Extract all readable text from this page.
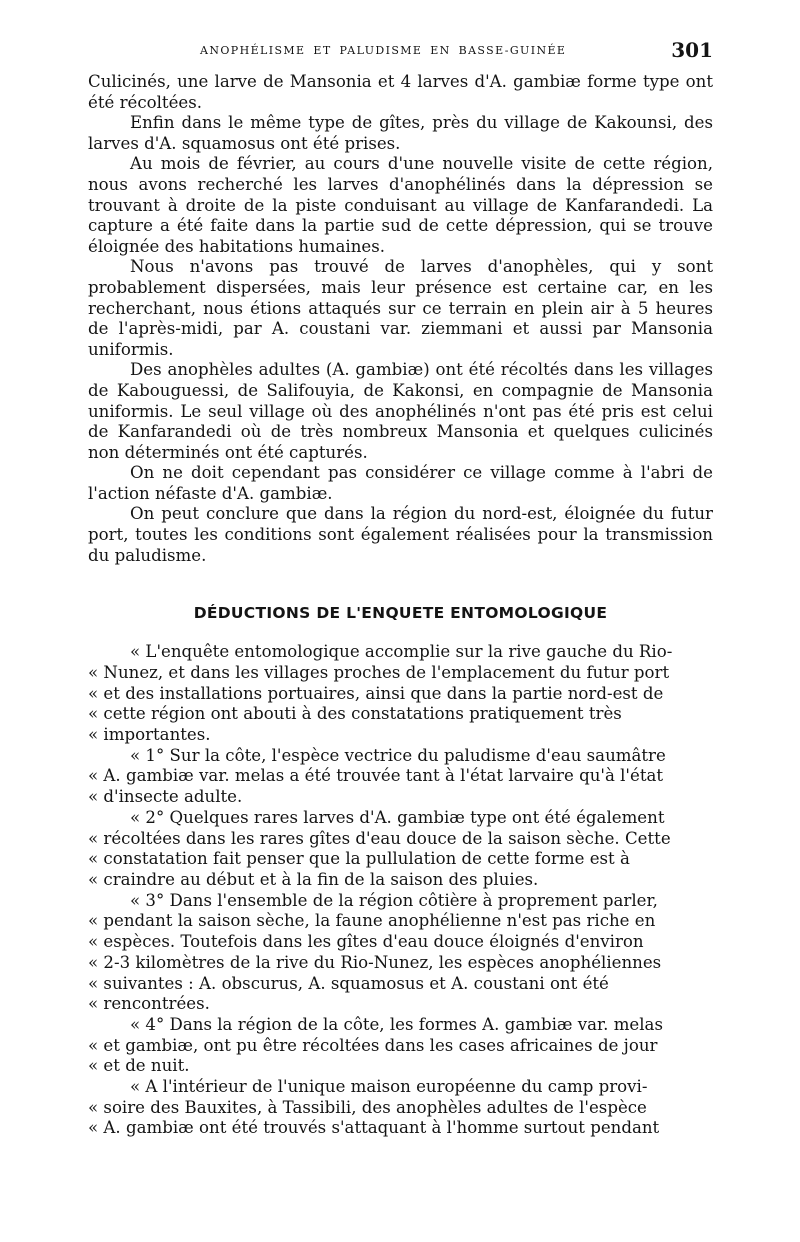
ANOPHÉLISME ET PALUDISME EN BASSE-GUINÉE	301

Culicinés, une larve de Mansonia et 4 larves d'A. gambiæ forme type ont été récoltées.

Enfin dans le même type de gîtes, près du village de Kakounsi, des larves d'A. squamosus ont été prises.

Au mois de février, au cours d'une nouvelle visite de cette région, nous avons recherché les larves d'anophélinés dans la dépression se trouvant à droite de la piste conduisant au village de Kanfarandedi. La capture a été faite dans la partie sud de cette dépression, qui se trouve éloignée des habitations humaines.

Nous n'avons pas trouvé de larves d'anophèles, qui y sont probablement dispersées, mais leur présence est certaine car, en les recherchant, nous étions attaqués sur ce terrain en plein air à 5 heures de l'après-midi, par A. coustani var. ziemmani et aussi par Mansonia uniformis.

Des anophèles adultes (A. gambiæ) ont été récoltés dans les villages de Kabouguessi, de Salifouyia, de Kakonsi, en compagnie de Mansonia uniformis. Le seul village où des anophélinés n'ont pas été pris est celui de Kanfarandedi où de très nombreux Mansonia et quelques culicinés non déterminés ont été capturés.

On ne doit cependant pas considérer ce village comme à l'abri de l'action néfaste d'A. gambiæ.

On peut conclure que dans la région du nord-est, éloignée du futur port, toutes les conditions sont également réalisées pour la transmission du paludisme.

DÉDUCTIONS DE L'ENQUETE ENTOMOLOGIQUE

« L'enquête entomologique accomplie sur la rive gauche du Rio-
« Nunez, et dans les villages proches de l'emplacement du futur port
« et des installations portuaires, ainsi que dans la partie nord-est de
« cette région ont abouti à des constatations pratiquement très
« importantes.

« 1° Sur la côte, l'espèce vectrice du paludisme d'eau saumâtre
« A. gambiæ var. melas a été trouvée tant à l'état larvaire qu'à l'état
« d'insecte adulte.

« 2° Quelques rares larves d'A. gambiæ type ont été également
« récoltées dans les rares gîtes d'eau douce de la saison sèche. Cette
« constatation fait penser que la pullulation de cette forme est à
« craindre au début et à la fin de la saison des pluies.

« 3° Dans l'ensemble de la région côtière à proprement parler,
« pendant la saison sèche, la faune anophélienne n'est pas riche en
« espèces. Toutefois dans les gîtes d'eau douce éloignés d'environ
« 2-3 kilomètres de la rive du Rio-Nunez, les espèces anophéliennes
« suivantes : A. obscurus, A. squamosus et A. coustani ont été
« rencontrées.

« 4° Dans la région de la côte, les formes A. gambiæ var. melas
« et gambiæ, ont pu être récoltées dans les cases africaines de jour
« et de nuit.

« A l'intérieur de l'unique maison européenne du camp provi-
« soire des Bauxites, à Tassibili, des anophèles adultes de l'espèce
« A. gambiæ ont été trouvés s'attaquant à l'homme surtout pendant
